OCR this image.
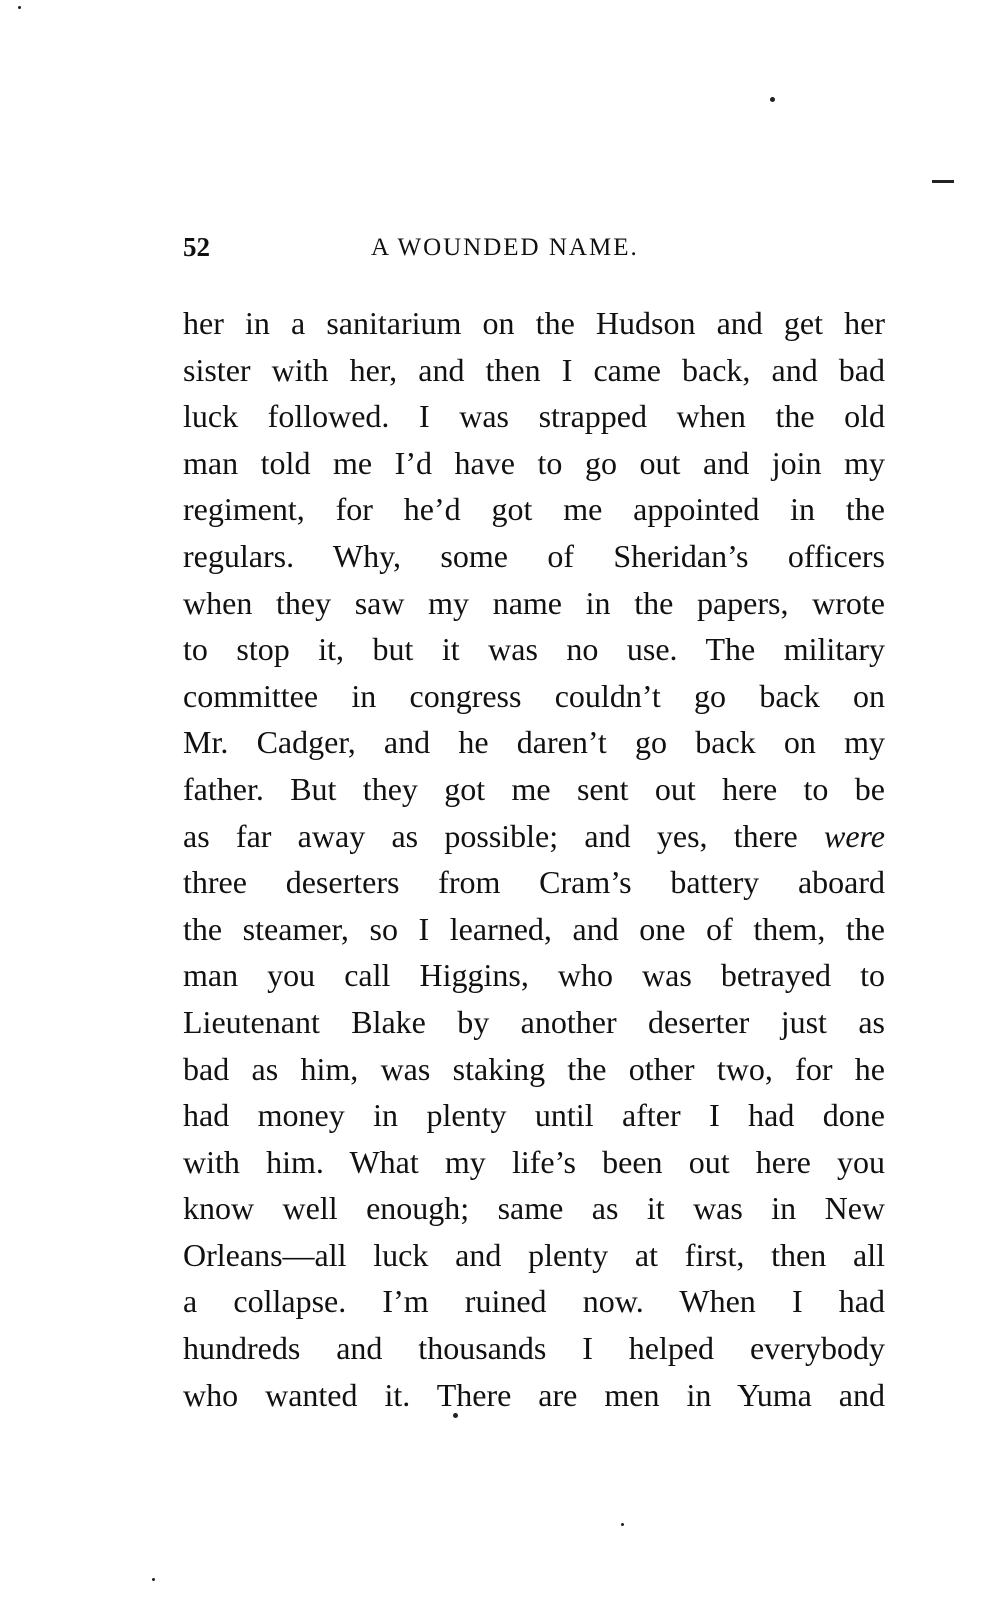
52	A WOUNDED NAME.
her in a sanitarium on the Hudson and get her
sister with her, and then I came back, and bad
luck followed. I was strapped when the old
man told me I’d have to go out and join my
regiment, for he’d got me appointed in the
regulars. Why, some of Sheridan’s officers
when they saw my name in the papers, wrote
to stop it, but it was no use. The military
committee in congress couldn’t go back on
Mr. Cadger, and he daren’t go back on my
father. But they got me sent out here to be
as far away as possible; and yes, there were
three deserters from Cram’s battery aboard
the steamer, so I learned, and one of them, the
man you call Higgins, who was betrayed to
Lieutenant Blake by another deserter just as
bad as him, was staking the other two, for he
had money in plenty until after I had done
with him. What my life’s been out here you
know well enough; same as it was in New
Orleans—all luck and plenty at first, then all
a collapse. I’m ruined now. When I had
hundreds and thousands I helped everybody
who wanted it. There are men in Yuma and
